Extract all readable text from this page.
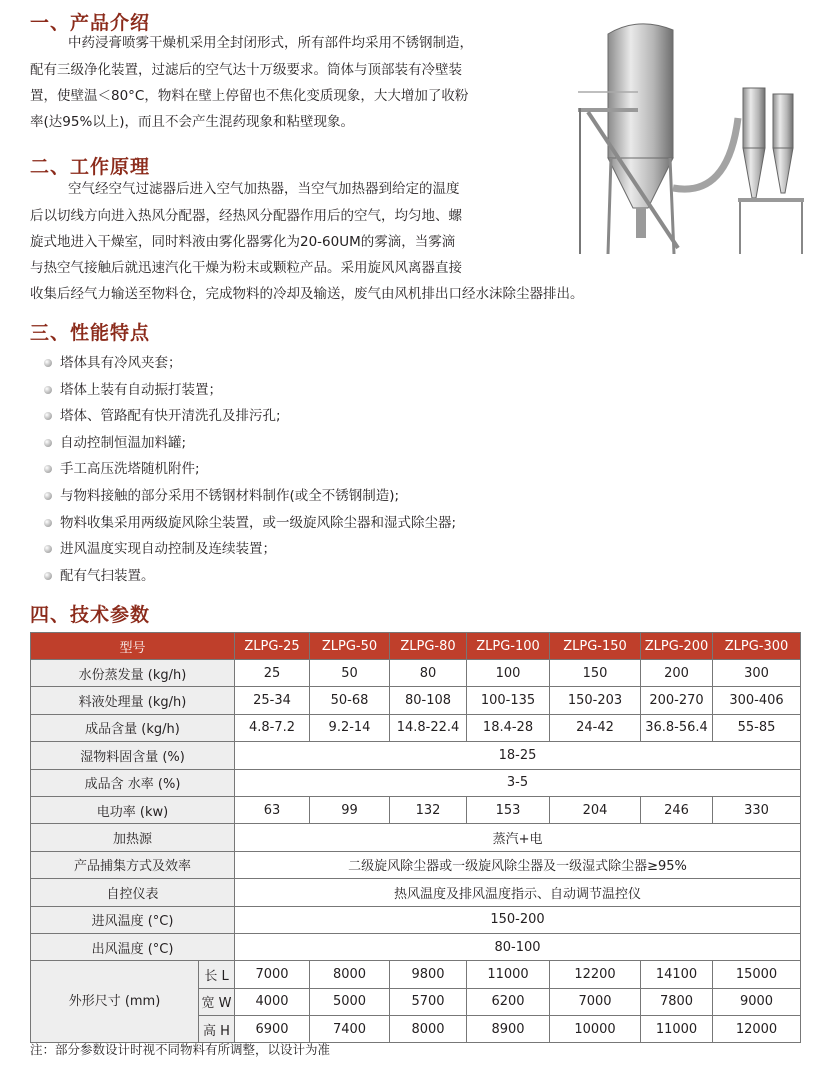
一、产品介绍

中药浸膏喷雾干燥机采用全封闭形式，所有部件均采用不锈钢制造，

配有三级净化装置，过滤后的空气达十万级要求。筒体与顶部装有冷壁装

置，使壁温＜80°C，物料在壁上停留也不焦化变质现象，大大增加了收粉

率(达95%以上)，而且不会产生混药现象和粘壁现象。

二、工作原理

空气经空气过滤器后进入空气加热器，当空气加热器到给定的温度

后以切线方向进入热风分配器，经热风分配器作用后的空气，均匀地、螺

旋式地进入干燥室，同时料液由雾化器雾化为20-60UM的雾滴，当雾滴

与热空气接触后就迅速汽化干燥为粉末或颗粒产品。采用旋风风离器直接

收集后经气力输送至物料仓，完成物料的冷却及输送，废气由风机排出口经水沫除尘器排出。

三、性能特点
塔体具有冷风夹套；
塔体上装有自动振打装置；
塔体、管路配有快开清洗孔及排污孔;
自动控制恒温加料罐;
手工高压洗塔随机附件;
与物料接触的部分采用不锈钢材料制作(或全不锈钢制造);
物料收集采用两级旋风除尘装置，或一级旋风除尘器和湿式除尘器;
进风温度实现自动控制及连续装置；
配有气扫装置。
四、技术参数
型号		ZLPG-25	ZLPG-50	ZLPG-80	ZLPG-100	ZLPG-150	ZLPG-200	ZLPG-300
水份蒸发量 (kg/h)		25	50	80	100	150	200	300
料液处理量 (kg/h)		25-34	50-68	80-108	100-135	150-203	200-270	300-406
成品含量 (kg/h)		4.8-7.2	9.2-14	14.8-22.4	18.4-28	24-42	36.8-56.4	55-85
湿物料固含量 (%)		18-25						
成品含 水率 (%)		3-5						
电功率 (kw)		63	99	132	153	204	246	330
加热源		蒸汽+电						
产品捕集方式及效率		二级旋风除尘器或一级旋风除尘器及一级湿式除尘器≥95%						
自控仪表		热风温度及排风温度指示、自动调节温控仪						
进风温度 (°C)		150-200						
出风温度 (°C)		80-100						
外形尺寸 (mm)	长 L	7000	8000	9800	11000	12200	14100	15000
	宽 W	4000	5000	5700	6200	7000	7800	9000
	高 H	6900	7400	8000	8900	10000	11000	12000

注：部分参数设计时视不同物料有所调整，以设计为准
